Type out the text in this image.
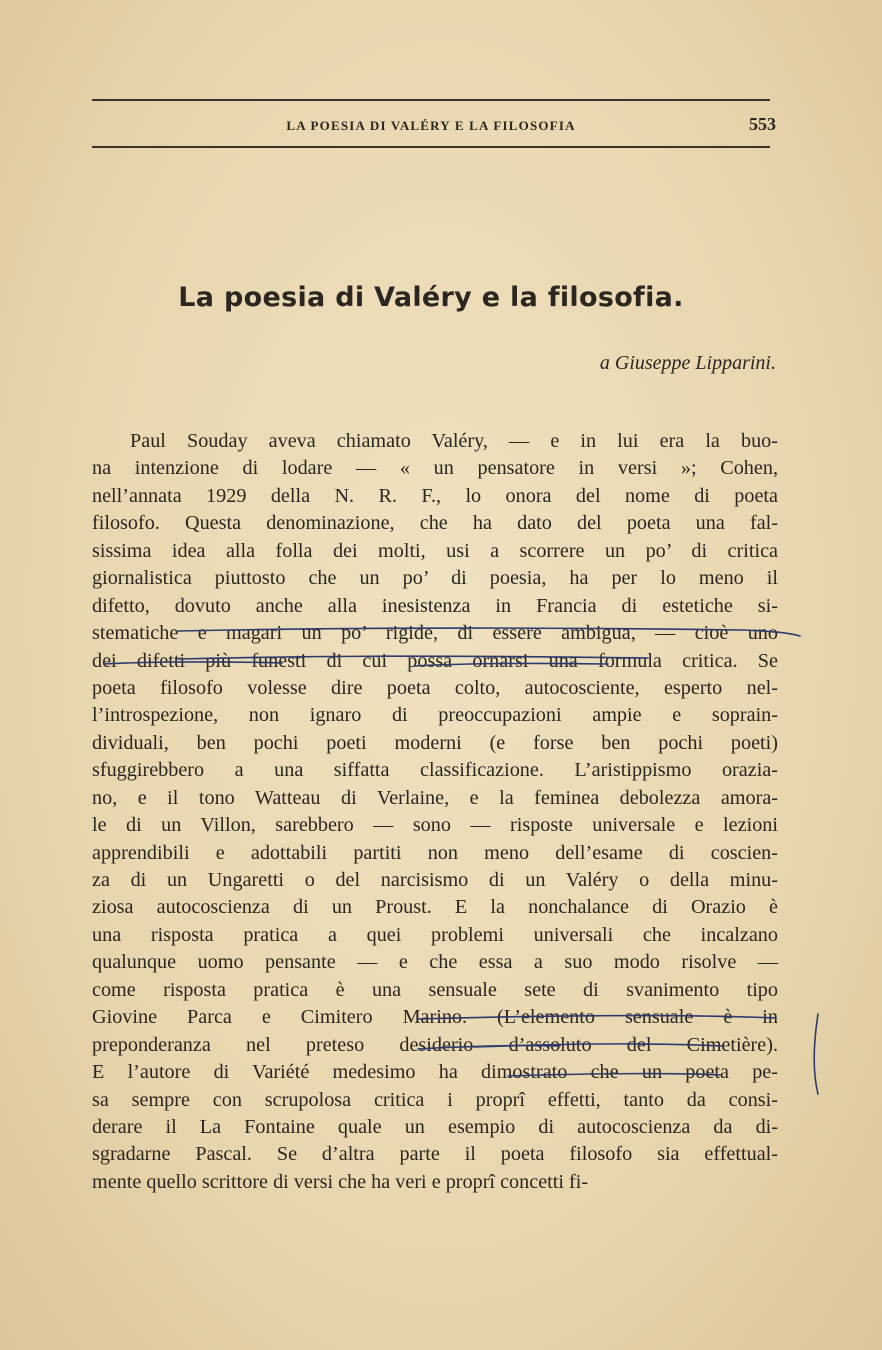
LA POESIA DI VALÉRY E LA FILOSOFIA	553
La poesia di Valéry e la filosofia.
a Giuseppe Lipparini.
Paul Souday aveva chiamato Valéry, — e in lui era la buo-
na intenzione di lodare — « un pensatore in versi »; Cohen,
nell’annata 1929 della N. R. F., lo onora del nome di poeta
filosofo. Questa denominazione, che ha dato del poeta una fal-
sissima idea alla folla dei molti, usi a scorrere un po’ di critica
giornalistica piuttosto che un po’ di poesia, ha per lo meno il
difetto, dovuto anche alla inesistenza in Francia di estetiche si-
stematiche e magari un po’ rigide, di essere ambigua, — cioè uno
dei difetti più funesti di cui possa ornarsi una formula critica. Se
poeta filosofo volesse dire poeta colto, autocosciente, esperto nel-
l’introspezione, non ignaro di preoccupazioni ampie e soprain-
dividuali, ben pochi poeti moderni (e forse ben pochi poeti)
sfuggirebbero a una siffatta classificazione. L’aristippismo orazia-
no, e il tono Watteau di Verlaine, e la feminea debolezza amora-
le di un Villon, sarebbero — sono — risposte universale e lezioni
apprendibili e adottabili partiti non meno dell’esame di coscien-
za di un Ungaretti o del narcisismo di un Valéry o della minu-
ziosa autocoscienza di un Proust. E la nonchalance di Orazio è
una risposta pratica a quei problemi universali che incalzano
qualunque uomo pensante — e che essa a suo modo risolve —
come risposta pratica è una sensuale sete di svanimento tipo
Giovine Parca e Cimitero Marino. (L’elemento sensuale è in
preponderanza nel preteso desiderio d’assoluto del Cimetière).
E l’autore di Variété medesimo ha dimostrato che un poeta pe-
sa sempre con scrupolosa critica i proprî effetti, tanto da consi-
derare il La Fontaine quale un esempio di autocoscienza da di-
sgradarne Pascal. Se d’altra parte il poeta filosofo sia effettual-
mente quello scrittore di versi che ha veri e proprî concetti fi-
